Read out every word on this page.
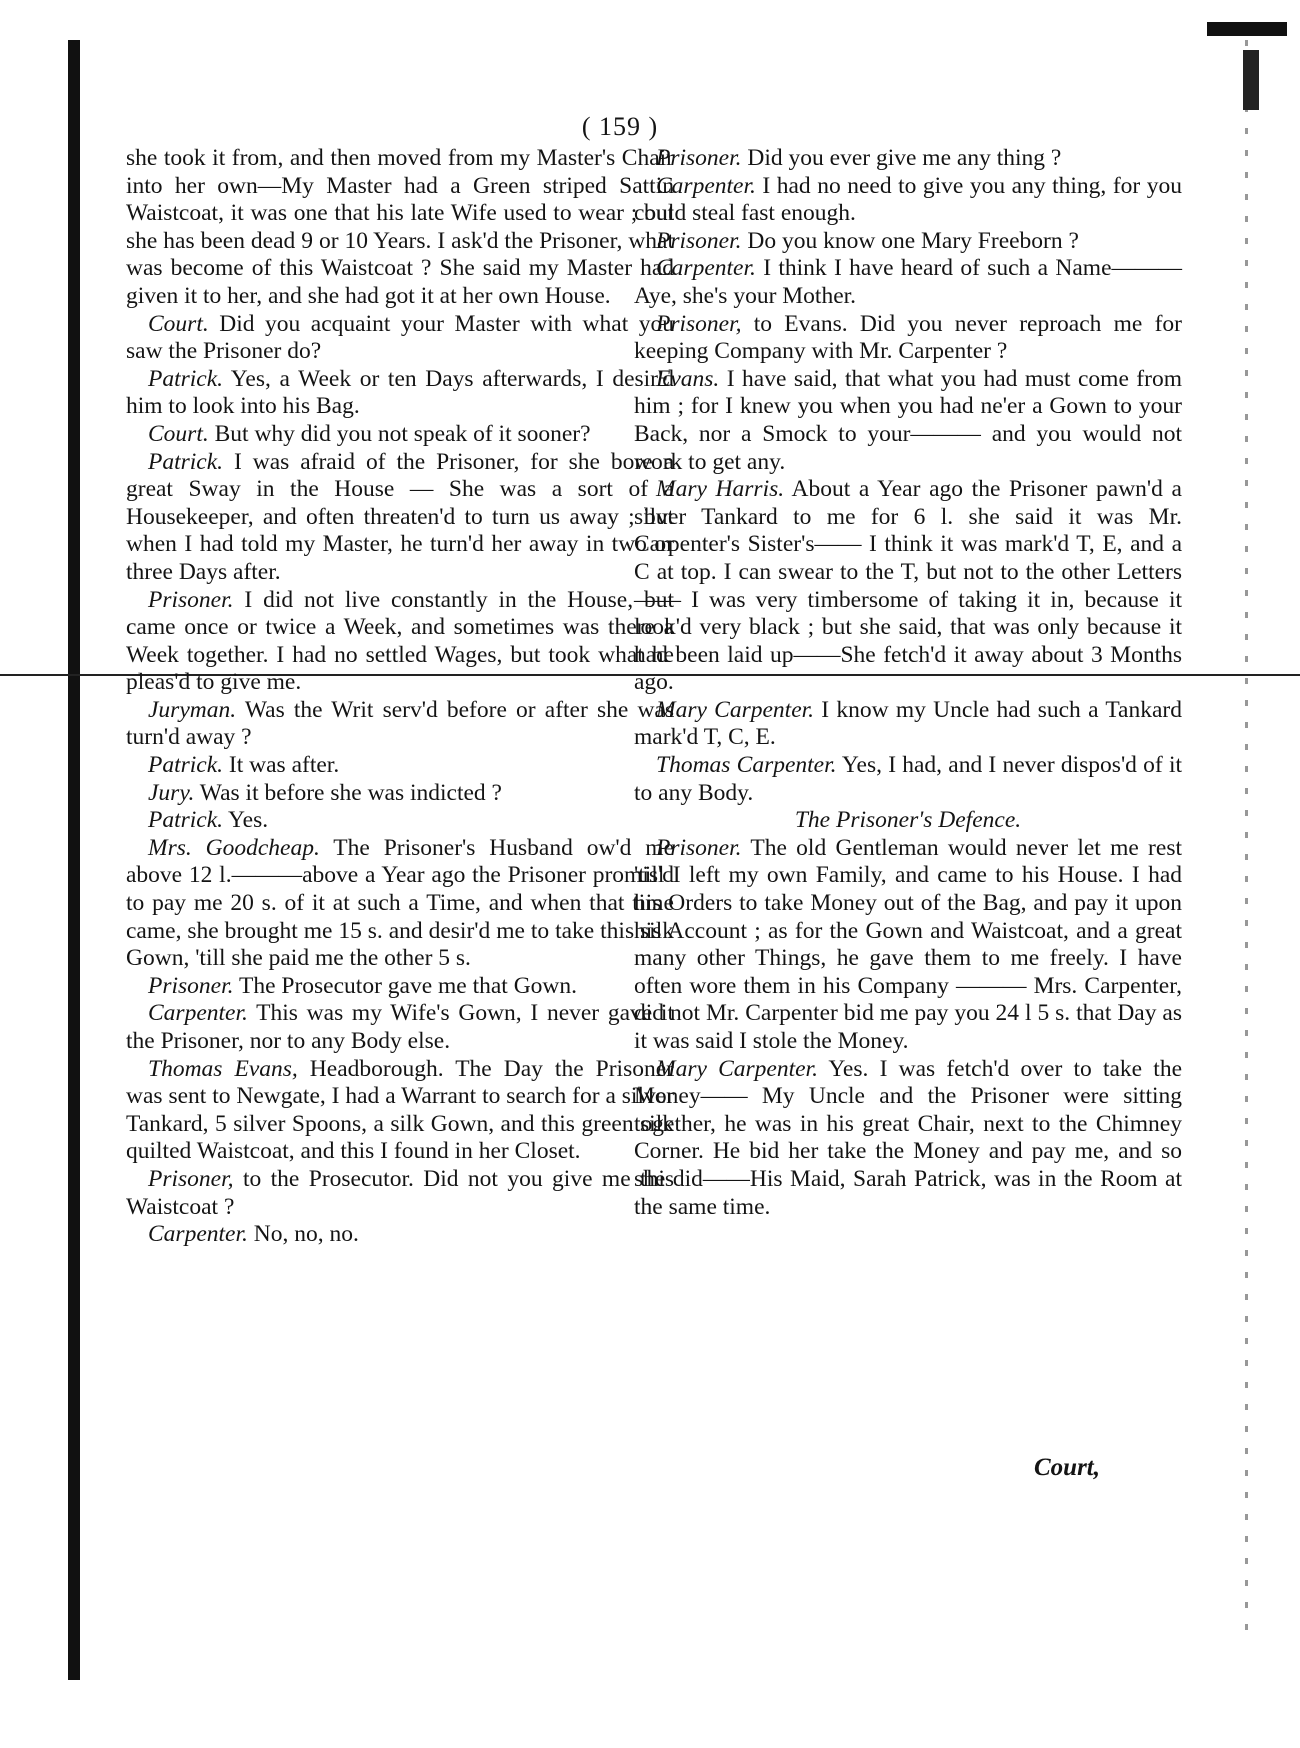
( 159 )

she took it from, and then moved from my Master's Chair into her own—My Master had a Green striped Sattin Waistcoat, it was one that his late Wife used to wear ; but she has been dead 9 or 10 Years. I ask'd the Prisoner, what was become of this Waistcoat ? She said my Master had given it to her, and she had got it at her own House.

Court. Did you acquaint your Master with what you saw the Prisoner do?

Patrick. Yes, a Week or ten Days afterwards, I desir'd him to look into his Bag.

Court. But why did you not speak of it sooner?

Patrick. I was afraid of the Prisoner, for she bore a great Sway in the House — She was a sort of a Housekeeper, and often threaten'd to turn us away ; but when I had told my Master, he turn'd her away in two or three Days after.

Prisoner. I did not live constantly in the House, but came once or twice a Week, and sometimes was there a Week together. I had no settled Wages, but took what he pleas'd to give me.

Juryman. Was the Writ serv'd before or after she was turn'd away ?

Patrick. It was after.

Jury. Was it before she was indicted ?

Patrick. Yes.

Mrs. Goodcheap. The Prisoner's Husband ow'd me above 12 l.———above a Year ago the Prisoner promis'd to pay me 20 s. of it at such a Time, and when that time came, she brought me 15 s. and desir'd me to take this silk Gown, 'till she paid me the other 5 s.

Prisoner. The Prosecutor gave me that Gown.

Carpenter. This was my Wife's Gown, I never gave it the Prisoner, nor to any Body else.

Thomas Evans, Headborough. The Day the Prisoner was sent to Newgate, I had a Warrant to search for a silver Tankard, 5 silver Spoons, a silk Gown, and this green silk quilted Waistcoat, and this I found in her Closet.

Prisoner, to the Prosecutor. Did not you give me this Waistcoat ?

Carpenter. No, no, no.

Prisoner. Did you ever give me any thing ?

Carpenter. I had no need to give you any thing, for you could steal fast enough.

Prisoner. Do you know one Mary Freeborn ?

Carpenter. I think I have heard of such a Name———Aye, she's your Mother.

Prisoner, to Evans. Did you never reproach me for keeping Company with Mr. Carpenter ?

Evans. I have said, that what you had must come from him ; for I knew you when you had ne'er a Gown to your Back, nor a Smock to your——— and you would not work to get any.

Mary Harris. About a Year ago the Prisoner pawn'd a silver Tankard to me for 6 l. she said it was Mr. Carpenter's Sister's—— I think it was mark'd T, E, and a C at top. I can swear to the T, but not to the other Letters—— I was very timbersome of taking it in, because it look'd very black ; but she said, that was only because it had been laid up——She fetch'd it away about 3 Months ago.

Mary Carpenter. I know my Uncle had such a Tankard mark'd T, C, E.

Thomas Carpenter. Yes, I had, and I never dispos'd of it to any Body.

The Prisoner's Defence.

Prisoner. The old Gentleman would never let me rest 'till I left my own Family, and came to his House. I had his Orders to take Money out of the Bag, and pay it upon his Account ; as for the Gown and Waistcoat, and a great many other Things, he gave them to me freely. I have often wore them in his Company ——— Mrs. Carpenter, did not Mr. Carpenter bid me pay you 24 l 5 s. that Day as it was said I stole the Money.

Mary Carpenter. Yes. I was fetch'd over to take the Money—— My Uncle and the Prisoner were sitting together, he was in his great Chair, next to the Chimney Corner. He bid her take the Money and pay me, and so she did——His Maid, Sarah Patrick, was in the Room at the same time.

Court,
